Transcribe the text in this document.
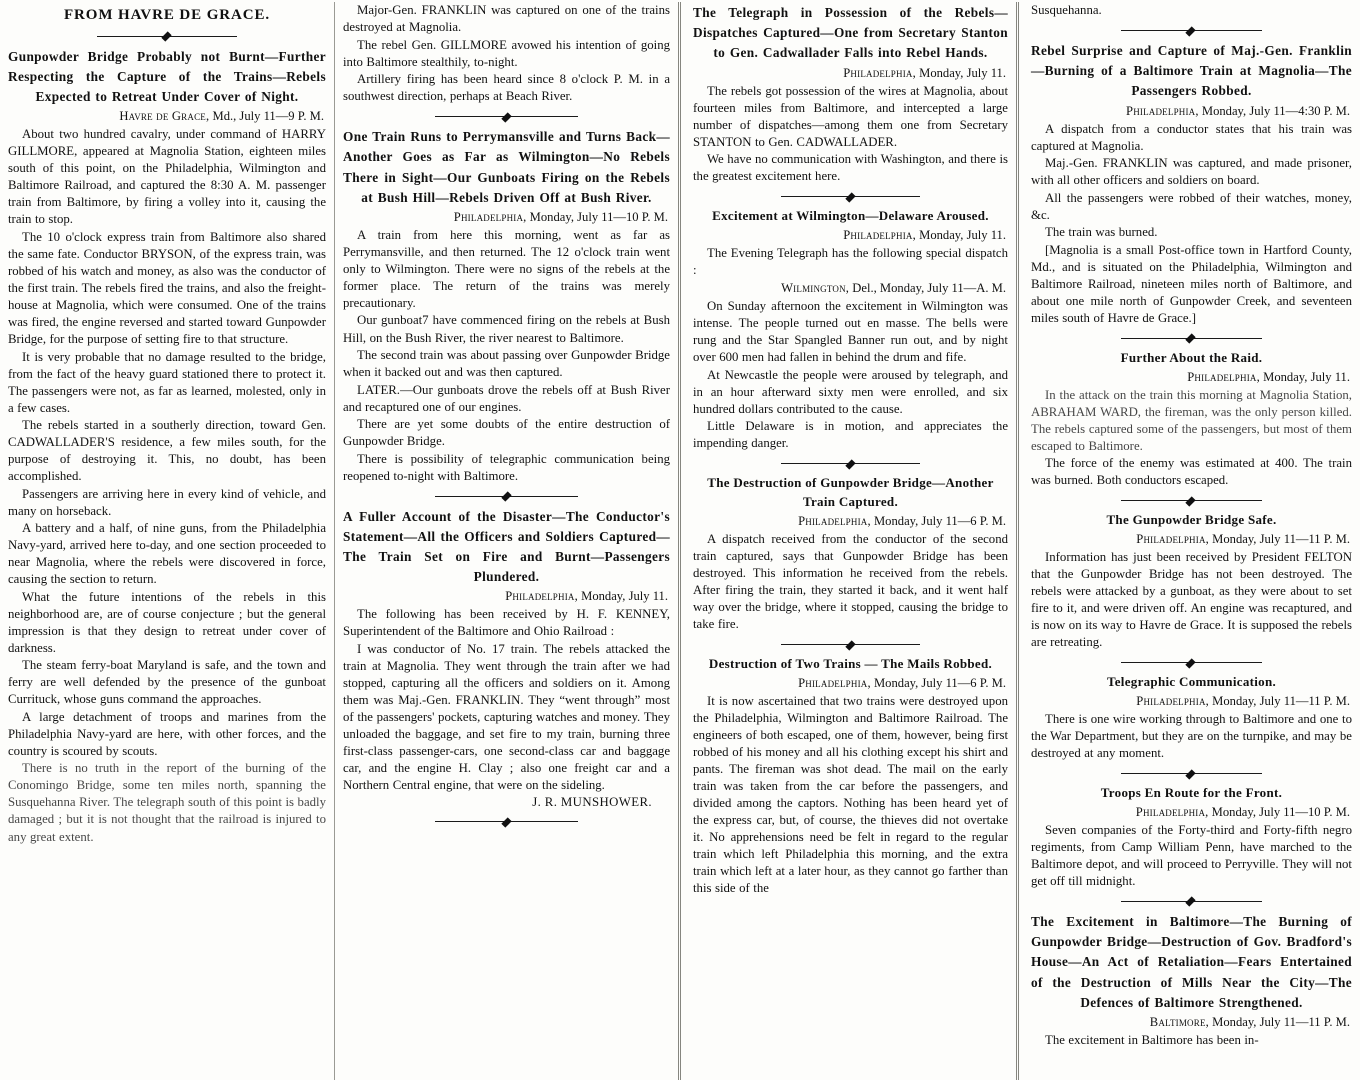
FROM HAVRE DE GRACE.
Gunpowder Bridge Probably not Burnt—Further Respecting the Capture of the Trains—Rebels Expected to Retreat Under Cover of Night.
Havre de Grace, Md., July 11—9 P. M.

About two hundred cavalry, under command of HARRY GILLMORE, appeared at Magnolia Station, eighteen miles south of this point, on the Philadelphia, Wilmington and Baltimore Railroad, and captured the 8:30 A. M. passenger train from Baltimore, by firing a volley into it, causing the train to stop.

The 10 o'clock express train from Baltimore also shared the same fate. Conductor BRYSON, of the express train, was robbed of his watch and money, as also was the conductor of the first train. The rebels fired the trains, and also the freight-house at Magnolia, which were consumed. One of the trains was fired, the engine reversed and started toward Gunpowder Bridge, for the purpose of setting fire to that structure.

It is very probable that no damage resulted to the bridge, from the fact of the heavy guard stationed there to protect it. The passengers were not, as far as learned, molested, only in a few cases.

The rebels started in a southerly direction, toward Gen. CADWALLADER'S residence, a few miles south, for the purpose of destroying it. This, no doubt, has been accomplished.

Passengers are arriving here in every kind of vehicle, and many on horseback.

A battery and a half, of nine guns, from the Philadelphia Navy-yard, arrived here to-day, and one section proceeded to near Magnolia, where the rebels were discovered in force, causing the section to return.

What the future intentions of the rebels in this neighborhood are, are of course conjecture ; but the general impression is that they design to retreat under cover of darkness.

The steam ferry-boat Maryland is safe, and the town and ferry are well defended by the presence of the gunboat Currituck, whose guns command the approaches.

A large detachment of troops and marines from the Philadelphia Navy-yard are here, with other forces, and the country is scoured by scouts.

There is no truth in the report of the burning of the Conomingo Bridge, some ten miles north, spanning the Susquehanna River. The telegraph south of this point is badly damaged ; but it is not thought that the railroad is injured to any great extent.

Major-Gen. FRANKLIN was captured on one of the trains destroyed at Magnolia.

The rebel Gen. GILLMORE avowed his intention of going into Baltimore stealthily, to-night.

Artillery firing has been heard since 8 o'clock P. M. in a southwest direction, perhaps at Beach River.

One Train Runs to Perrymansville and Turns Back—Another Goes as Far as Wilmington—No Rebels There in Sight—Our Gunboats Firing on the Rebels at Bush Hill—Rebels Driven Off at Bush River.
Philadelphia, Monday, July 11—10 P. M.

A train from here this morning, went as far as Perrymansville, and then returned. The 12 o'clock train went only to Wilmington. There were no signs of the rebels at the former place. The return of the trains was merely precautionary.

Our gunboat7 have commenced firing on the rebels at Bush Hill, on the Bush River, the river nearest to Baltimore.

The second train was about passing over Gunpowder Bridge when it backed out and was then captured.

LATER.—Our gunboats drove the rebels off at Bush River and recaptured one of our engines.

There are yet some doubts of the entire destruction of Gunpowder Bridge.

There is possibility of telegraphic communication being reopened to-night with Baltimore.

A Fuller Account of the Disaster—The Conductor's Statement—All the Officers and Soldiers Captured—The Train Set on Fire and Burnt—Passengers Plundered.
Philadelphia, Monday, July 11.

The following has been received by H. F. KENNEY, Superintendent of the Baltimore and Ohio Railroad :

I was conductor of No. 17 train. The rebels attacked the train at Magnolia. They went through the train after we had stopped, capturing all the officers and soldiers on it. Among them was Maj.-Gen. FRANKLIN. They “went through” most of the passengers' pockets, capturing watches and money. They unloaded the baggage, and set fire to my train, burning three first-class passenger-cars, one second-class car and baggage car, and the engine H. Clay ; also one freight car and a Northern Central engine, that were on the sideling.

J. R. MUNSHOWER.
The Telegraph in Possession of the Rebels—Dispatches Captured—One from Secretary Stanton to Gen. Cadwallader Falls into Rebel Hands.
Philadelphia, Monday, July 11.

The rebels got possession of the wires at Magnolia, about fourteen miles from Baltimore, and intercepted a large number of dispatches—among them one from Secretary STANTON to Gen. CADWALLADER.

We have no communication with Washington, and there is the greatest excitement here.

Excitement at Wilmington—Delaware Aroused.
Philadelphia, Monday, July 11.

The Evening Telegraph has the following special dispatch :

Wilmington, Del., Monday, July 11—A. M.

On Sunday afternoon the excitement in Wilmington was intense. The people turned out en masse. The bells were rung and the Star Spangled Banner run out, and by night over 600 men had fallen in behind the drum and fife.

At Newcastle the people were aroused by telegraph, and in an hour afterward sixty men were enrolled, and six hundred dollars contributed to the cause.

Little Delaware is in motion, and appreciates the impending danger.

The Destruction of Gunpowder Bridge—Another Train Captured.
Philadelphia, Monday, July 11—6 P. M.

A dispatch received from the conductor of the second train captured, says that Gunpowder Bridge has been destroyed. This information he received from the rebels. After firing the train, they started it back, and it went half way over the bridge, where it stopped, causing the bridge to take fire.

Destruction of Two Trains — The Mails Robbed.
Philadelphia, Monday, July 11—6 P. M.

It is now ascertained that two trains were destroyed upon the Philadelphia, Wilmington and Baltimore Railroad. The engineers of both escaped, one of them, however, being first robbed of his money and all his clothing except his shirt and pants. The fireman was shot dead. The mail on the early train was taken from the car before the passengers, and divided among the captors. Nothing has been heard yet of the express car, but, of course, the thieves did not overtake it. No apprehensions need be felt in regard to the regular train which left Philadelphia this morning, and the extra train which left at a later hour, as they cannot go farther than this side of the

Susquehanna.

Rebel Surprise and Capture of Maj.-Gen. Franklin—Burning of a Baltimore Train at Magnolia—The Passengers Robbed.
Philadelphia, Monday, July 11—4:30 P. M.

A dispatch from a conductor states that his train was captured at Magnolia.

Maj.-Gen. FRANKLIN was captured, and made prisoner, with all other officers and soldiers on board.

All the passengers were robbed of their watches, money, &c.

The train was burned.

[Magnolia is a small Post-office town in Hartford County, Md., and is situated on the Philadelphia, Wilmington and Baltimore Railroad, nineteen miles north of Baltimore, and about one mile north of Gunpowder Creek, and seventeen miles south of Havre de Grace.]

Further About the Raid.
Philadelphia, Monday, July 11.

In the attack on the train this morning at Magnolia Station, ABRAHAM WARD, the fireman, was the only person killed. The rebels captured some of the passengers, but most of them escaped to Baltimore.

The force of the enemy was estimated at 400. The train was burned. Both conductors escaped.

The Gunpowder Bridge Safe.
Philadelphia, Monday, July 11—11 P. M.

Information has just been received by President FELTON that the Gunpowder Bridge has not been destroyed. The rebels were attacked by a gunboat, as they were about to set fire to it, and were driven off. An engine was recaptured, and is now on its way to Havre de Grace. It is supposed the rebels are retreating.

Telegraphic Communication.
Philadelphia, Monday, July 11—11 P. M.

There is one wire working through to Baltimore and one to the War Department, but they are on the turnpike, and may be destroyed at any moment.

Troops En Route for the Front.
Philadelphia, Monday, July 11—10 P. M.

Seven companies of the Forty-third and Forty-fifth negro regiments, from Camp William Penn, have marched to the Baltimore depot, and will proceed to Perryville. They will not get off till midnight.

The Excitement in Baltimore—The Burning of Gunpowder Bridge—Destruction of Gov. Bradford's House—An Act of Retaliation—Fears Entertained of the Destruction of Mills Near the City—The Defences of Baltimore Strengthened.
Baltimore, Monday, July 11—11 P. M.

The excitement in Baltimore has been in-
